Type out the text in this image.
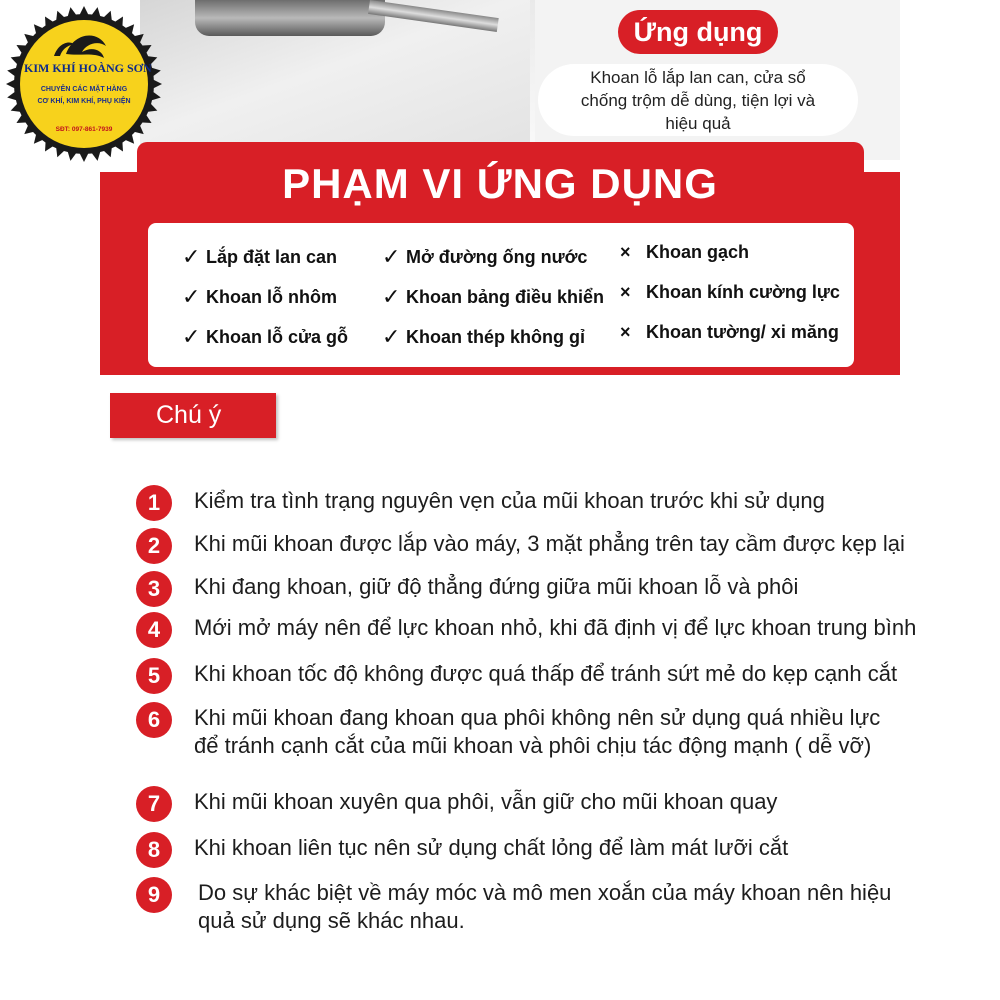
KIM KHÍ HOÀNG SƠN
CHUYÊN CÁC MẶT HÀNG
CƠ KHÍ, KIM KHÍ, PHỤ KIỆN
SĐT: 097-861-7939
Ứng dụng
Khoan lỗ lắp lan can, cửa sổ
chống trộm dễ dùng, tiện lợi và
hiệu quả
PHẠM VI ỨNG DỤNG
✓ Lắp đặt lan can
✓ Khoan lỗ nhôm
✓ Khoan lỗ cửa gỗ
✓ Mở đường ống nước
✓ Khoan bảng điều khiển
✓ Khoan thép không gỉ
× Khoan gạch
× Khoan kính cường lực
× Khoan tường/ xi măng
Chú ý
1	Kiểm tra tình trạng nguyên vẹn của mũi khoan trước khi sử dụng
2	Khi mũi khoan được lắp vào máy, 3 mặt phẳng trên tay cầm được kẹp lại
3	Khi đang khoan, giữ độ thẳng đứng giữa mũi khoan lỗ và phôi
4	Mới mở máy nên để lực khoan nhỏ, khi đã định vị để lực khoan trung bình
5	Khi khoan tốc độ không được quá thấp để tránh sứt mẻ do kẹp cạnh cắt
6	Khi mũi khoan đang khoan qua phôi không nên sử dụng quá nhiều lực
để tránh cạnh cắt của mũi khoan và phôi chịu tác động mạnh ( dễ vỡ)
7	Khi mũi khoan xuyên qua phôi, vẫn giữ cho mũi khoan quay
8	Khi khoan liên tục nên sử dụng chất lỏng để làm mát lưỡi cắt
9	Do sự khác biệt về máy móc và mô men xoắn của máy khoan nên hiệu
quả sử dụng sẽ khác nhau.
